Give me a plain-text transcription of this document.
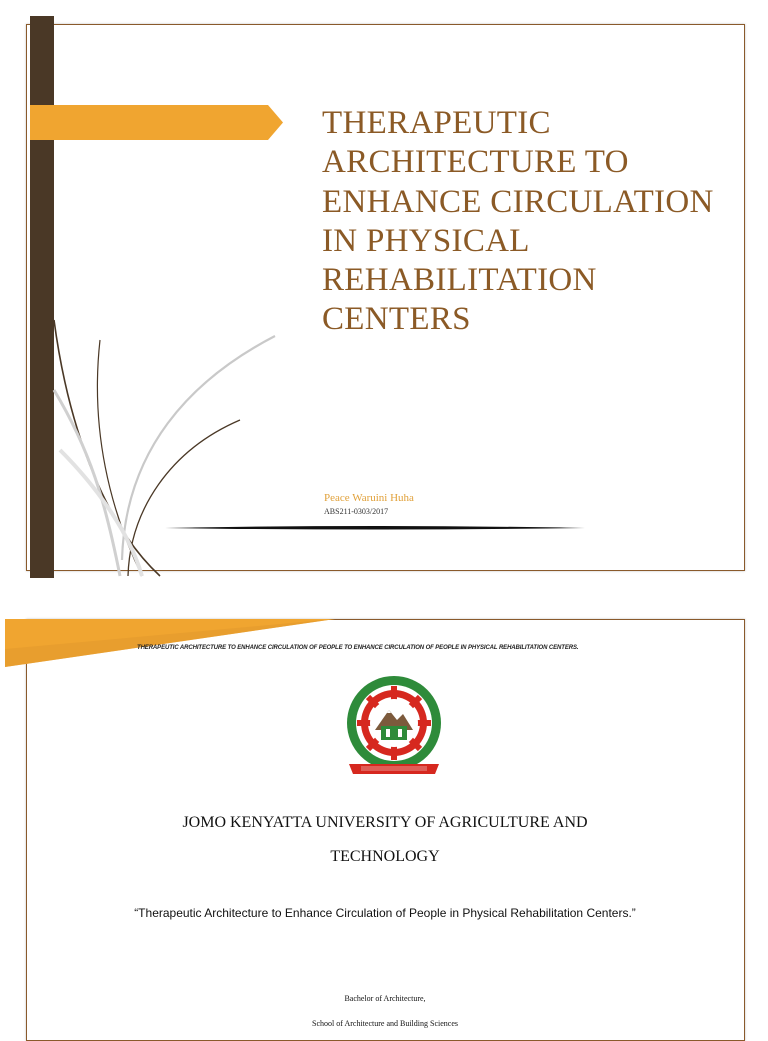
THERAPEUTIC ARCHITECTURE TO ENHANCE CIRCULATION IN PHYSICAL REHABILITATION CENTERS

Peace Waruini Huha

ABS211-0303/2017

THERAPEUTIC ARCHITECTURE TO ENHANCE CIRCULATION OF PEOPLE TO ENHANCE CIRCULATION OF PEOPLE IN PHYSICAL REHABILITATION CENTERS.

JOMO KENYATTA UNIVERSITY OF AGRICULTURE AND TECHNOLOGY

“Therapeutic Architecture to Enhance Circulation of People in Physical Rehabilitation Centers.”

Bachelor of Architecture,

School of Architecture and Building Sciences
